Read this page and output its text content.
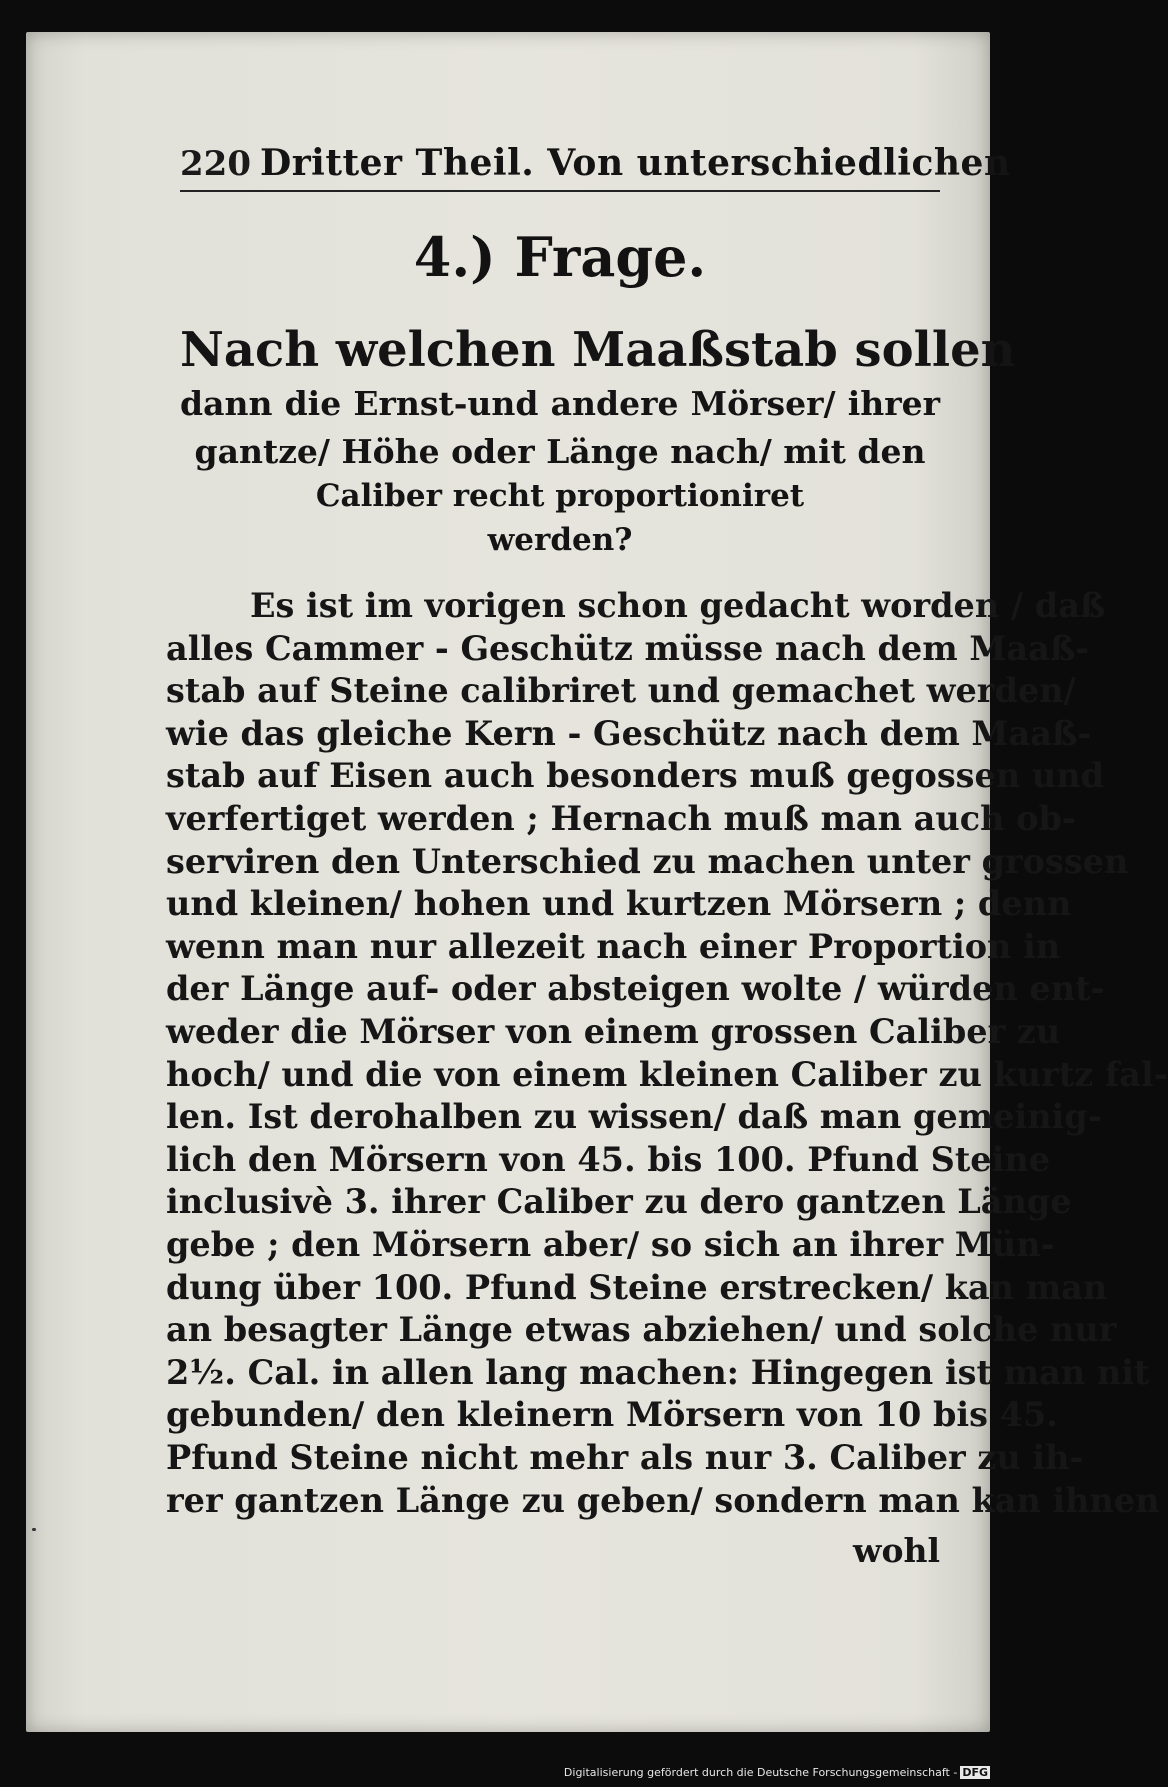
220 Dritter Theil. Von unterschiedlichen
4.) Frage.
Nach welchen Maaßstab sollen
dann die Ernst-und andere Mörser/ ihrer
gantze/ Höhe oder Länge nach/ mit den
Caliber recht proportioniret
werden?
Es ist im vorigen schon gedacht worden / daß
alles Cammer - Geschütz müsse nach dem Maaß-
stab auf Steine calibriret und gemachet werden/
wie das gleiche Kern - Geschütz nach dem Maaß-
stab auf Eisen auch besonders muß gegossen und
verfertiget werden ; Hernach muß man auch ob-
serviren den Unterschied zu machen unter grossen
und kleinen/ hohen und kurtzen Mörsern ; denn
wenn man nur allezeit nach einer Proportion in
der Länge auf- oder absteigen wolte / würden ent-
weder die Mörser von einem grossen Caliber zu
hoch/ und die von einem kleinen Caliber zu kurtz fal-
len. Ist derohalben zu wissen/ daß man gemeinig-
lich den Mörsern von 45. bis 100. Pfund Steine
inclusivè 3. ihrer Caliber zu dero gantzen Länge
gebe ; den Mörsern aber/ so sich an ihrer Mün-
dung über 100. Pfund Steine erstrecken/ kan man
an besagter Länge etwas abziehen/ und solche nur
2½. Cal. in allen lang machen: Hingegen ist man nit
gebunden/ den kleinern Mörsern von 10 bis 45.
Pfund Steine nicht mehr als nur 3. Caliber zu ih-
rer gantzen Länge zu geben/ sondern man kan ihnen
wohl
Digitalisierung gefördert durch die Deutsche Forschungsgemeinschaft - DFG
